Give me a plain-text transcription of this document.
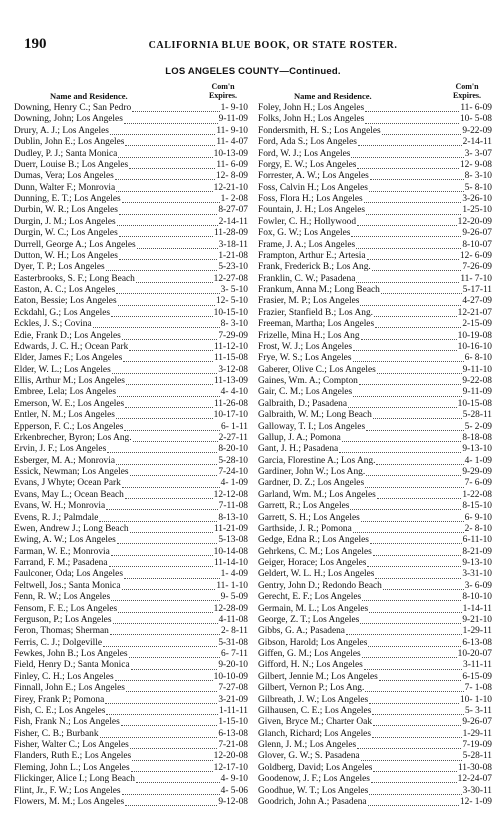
190	CALIFORNIA BLUE BOOK, OR STATE ROSTER.
LOS ANGELES COUNTY—Continued.
Name and Residence.
Com'n
Expires.
Downing, Henry C.; San Pedro	1- 9-10
Downing, John; Los Angeles	9-11-09
Drury, A. J.; Los Angeles	11- 9-10
Dublin, John E.; Los Angeles	11- 4-07
Dudley, P. J.; Santa Monica	10-13-09
Duerr, Louise B.; Los Angeles	11- 6-09
Dumas, Vera; Los Angeles	12- 8-09
Dunn, Walter F.; Monrovia	12-21-10
Dunning, E. T.; Los Angeles	1- 2-08
Durbin, W. R.; Los Angeles	8-27-07
Durgin, J. M.; Los Angeles	2-14-11
Durgin, W. C.; Los Angeles	11-28-09
Durrell, George A.; Los Angeles	3-18-11
Dutton, W. H.; Los Angeles	1-21-08
Dyer, T. P.; Los Angeles	5-23-10
Easterbrooks, S. F.; Long Beach	12-27-08
Easton, A. C.; Los Angeles	3- 5-10
Eaton, Bessie; Los Angeles	12- 5-10
Eckdahl, G.; Los Angeles	10-15-10
Eckles, J. S.; Covina	8- 3-10
Edie, Frank D.; Los Angeles	7-29-09
Edwards, J. C. H.; Ocean Park	11-12-10
Elder, James F.; Los Angeles	11-15-08
Elder, W. L.; Los Angeles	3-12-08
Ellis, Arthur M.; Los Angeles	11-13-09
Embree, Lela; Los Angeles	4- 4-10
Emerson, W. E.; Los Angeles	11-26-08
Entler, N. M.; Los Angeles	10-17-10
Epperson, F. C.; Los Angeles	6- 1-11
Erkenbrecher, Byron; Los Ang.	2-27-11
Ervin, J. F.; Los Angeles	8-20-10
Esberger, M. A.; Monrovia	5-28-10
Essick, Newman; Los Angeles	7-24-10
Evans, J Whyte; Ocean Park	4- 1-09
Evans, May L.; Ocean Beach	12-12-08
Evans, W. H.; Monrovia	7-11-08
Evens, R. J.; Palmdale	8-13-10
Ewen, Andrew J.; Long Beach	11-21-09
Ewing, A. W.; Los Angeles	5-13-08
Farman, W. E.; Monrovia	10-14-08
Farrand, F. M.; Pasadena	11-14-10
Faulconer, Oda; Los Angeles	1- 4-09
Feltwell, Jos.; Santa Monica	11- 1-10
Fenn, R. W.; Los Angeles	9- 5-09
Fensom, F. E.; Los Angeles	12-28-09
Ferguson, P.; Los Angeles	4-11-08
Feron, Thomas; Sherman	2- 8-11
Ferris, C. J.; Dolgeville	5-31-08
Fewkes, John B.; Los Angeles	6- 7-11
Field, Henry D.; Santa Monica	9-20-10
Finley, C. H.; Los Angeles	10-10-09
Finnall, John E.; Los Angeles	7-27-08
Firey, Frank P.; Pomona	3-21-09
Fish, C. E.; Los Angeles	1-11-11
Fish, Frank N.; Los Angeles	1-15-10
Fisher, C. B.; Burbank	6-13-08
Fisher, Walter C.; Los Angeles	7-21-08
Flanders, Ruth E.; Los Angeles	12-20-08
Fleming, John L.; Los Angeles	12-17-10
Flickinger, Alice I.; Long Beach	4- 9-10
Flint, Jr., F. W.; Los Angeles	4- 5-06
Flowers, M. M.; Los Angeles	9-12-08
Name and Residence.
Com'n
Expires.
Foley, John H.; Los Angeles	11- 6-09
Folks, John H.; Los Angeles	10- 5-08
Fondersmith, H. S.; Los Angeles	9-22-09
Ford, Ada S.; Los Angeles	2-14-11
Ford, W. J.; Los Angeles	3- 3-07
Forgy, E. W.; Los Angeles	12- 9-08
Forrester, A. W.; Los Angeles	8- 3-10
Foss, Calvin H.; Los Angeles	5- 8-10
Foss, Flora H.; Los Angeles	3-26-10
Fountain, J. H.; Los Angeles	1-25-10
Fowler, C. H.; Hollywood	12-20-09
Fox, G. W.; Los Angeles	9-26-07
Frame, J. A.; Los Angeles	8-10-07
Frampton, Arthur E.; Artesia	12- 6-09
Frank, Frederick B.; Los Ang.	7-26-09
Franklin, C. W.; Pasadena	11- 7-10
Frankum, Anna M.; Long Beach	5-17-11
Frasier, M. P.; Los Angeles	4-27-09
Frazier, Stanfield B.; Los Ang.	12-21-07
Freeman, Martha; Los Angeles	2-15-09
Frizelle, Mina H.; Los Ang	10-19-08
Frost, W. J.; Los Angeles	10-16-10
Frye, W. S.; Los Angeles	6- 8-10
Gaberer, Olive C.; Los Angeles	9-11-10
Gaines, Wm. A.; Compton	9-22-08
Gair, C. M.; Los Angeles	9-11-09
Galbraith, D.; Pasadena	10-15-08
Galbraith, W. M.; Long Beach	5-28-11
Galloway, T. I.; Los Angeles	5- 2-09
Gallup, J. A.; Pomona	8-18-08
Gant, J. H.; Pasadena	9-13-10
Garcia, Florestine A.; Los Ang.	4- 1-09
Gardiner, John W.; Los Ang.	9-29-09
Gardner, D. Z.; Los Angeles	7- 6-09
Garland, Wm. M.; Los Angeles	1-22-08
Garrett, R.; Los Angeles	8-15-10
Garrett, S. H.; Los Angeles	6- 9-10
Garthside, J. R.; Pomona	2- 8-10
Gedge, Edna R.; Los Angeles	6-11-10
Gehrkens, C. M.; Los Angeles	8-21-09
Geiger, Horace; Los Angeles	9-13-10
Geldert, W. L. H.; Los Angeles	3-31-10
Gentry, John D.; Redondo Beach	3- 6-09
Gerecht, E. F.; Los Angeles	8-10-10
Germain, M. L.; Los Angeles	1-14-11
George, Z. T.; Los Angeles	9-21-10
Gibbs, G. A.; Pasadena	1-29-11
Gibson, Harold; Los Angeles	6-13-08
Giffen, G. M.; Los Angeles	10-20-07
Gifford, H. N.; Los Angeles	3-11-11
Gilbert, Jennie M.; Los Angeles	6-15-09
Gilbert, Vernon P.; Los Ang.	7- 1-08
Gilbreath, J. W.; Los Angeles	10- 1-10
Gilhausen, C. E.; Los Angeles	5- 3-11
Given, Bryce M.; Charter Oak	9-26-07
Glanch, Richard; Los Angeles	1-29-11
Glenn, J. M.; Los Angeles	7-19-09
Glover, G. W.; S. Pasadena	5-28-11
Goldberg, David; Los Angeles	11-30-08
Goodenow, J. F.; Los Angeles	12-24-07
Goodhue, W. T.; Los Angeles	3-30-11
Goodrich, John A.; Pasadena	12- 1-09
